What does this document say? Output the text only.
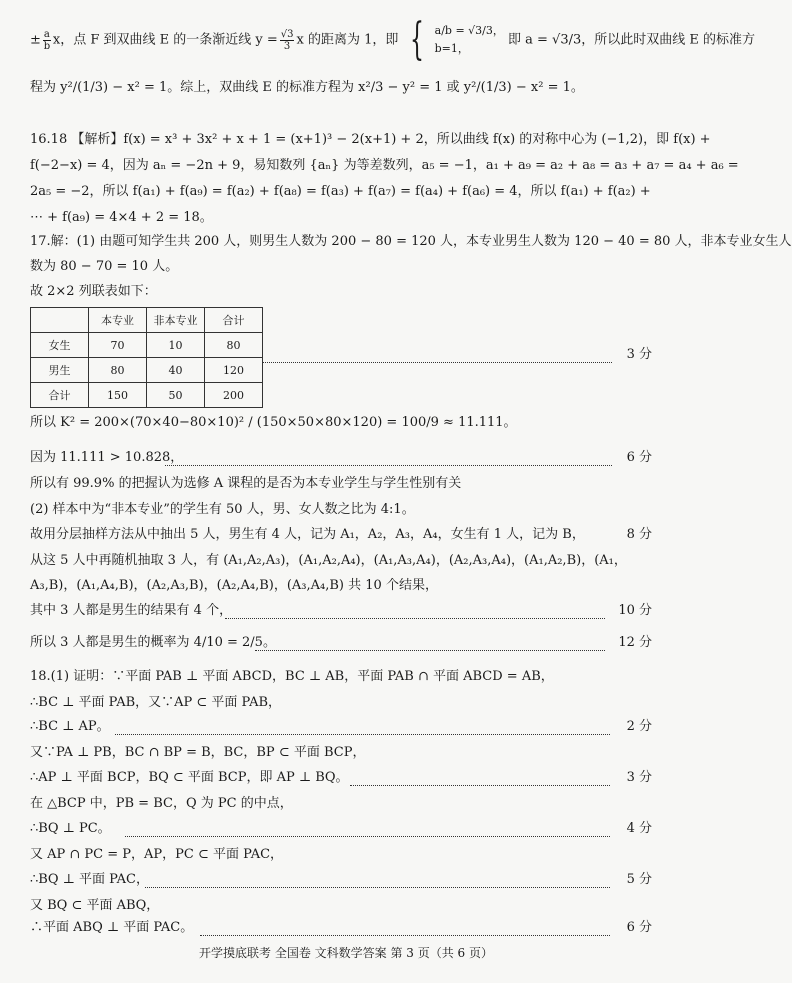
± $\frac{a}{b}$ x，点 F 到双曲线 E 的一条渐近线 $y = \frac{√3}{3}$ x 的距离为 1，即 { a/b = √3/3，
b=1，
即 a = √3/3，所以此时双曲线 E 的标准方
程为 y²/(1/3) − x² = 1。综上，双曲线 E 的标准方程为 x²/3 − y² = 1 或 y²/(1/3) − x² = 1。
16.18 【解析】f(x) = x³ + 3x² + x + 1 = (x+1)³ − 2(x+1) + 2，所以曲线 f(x) 的对称中心为 (−1,2)，即 f(x) +
f(−2−x) = 4，因为 aₙ = −2n + 9，易知数列 {aₙ} 为等差数列，a₅ = −1，a₁ + a₉ = a₂ + a₈ = a₃ + a₇ = a₄ + a₆ =
2a₅ = −2，所以 f(a₁) + f(a₉) = f(a₂) + f(a₈) = f(a₃) + f(a₇) = f(a₄) + f(a₆) = 4，所以 f(a₁) + f(a₂) +
⋯ + f(a₉) = 4×4 + 2 = 18。
17.解：(1) 由题可知学生共 200 人，则男生人数为 200 − 80 = 120 人，本专业男生人数为 120 − 40 = 80 人，非本专业女生人
数为 80 − 70 = 10 人。
故 2×2 列联表如下：
	本专业	非本专业	合计
女生	70	10	80
男生	80	40	120
合计	150	50	200
3 分
所以 K² = 200×(70×40−80×10)² / (150×50×80×120) = 100/9 ≈ 11.111。
因为 11.111 > 10.828，	6 分
所以有 99.9% 的把握认为选修 A 课程的是否为本专业学生与学生性别有关
(2) 样本中为“非本专业”的学生有 50 人，男、女人数之比为 4:1。
故用分层抽样方法从中抽出 5 人，男生有 4 人，记为 A₁，A₂，A₃，A₄，女生有 1 人，记为 B，	8 分
从这 5 人中再随机抽取 3 人，有 (A₁,A₂,A₃)，(A₁,A₂,A₄)，(A₁,A₃,A₄)，(A₂,A₃,A₄)，(A₁,A₂,B)，(A₁，
A₃,B)，(A₁,A₄,B)，(A₂,A₃,B)，(A₂,A₄,B)，(A₃,A₄,B) 共 10 个结果，
其中 3 人都是男生的结果有 4 个，	10 分
所以 3 人都是男生的概率为 4/10 = 2/5。	12 分
18.(1) 证明：∵平面 PAB ⊥ 平面 ABCD，BC ⊥ AB，平面 PAB ∩ 平面 ABCD = AB，
∴BC ⊥ 平面 PAB，又∵AP ⊂ 平面 PAB，
∴BC ⊥ AP。	2 分
又∵PA ⊥ PB，BC ∩ BP = B，BC，BP ⊂ 平面 BCP，
∴AP ⊥ 平面 BCP，BQ ⊂ 平面 BCP，即 AP ⊥ BQ。	3 分
在 △BCP 中，PB = BC，Q 为 PC 的中点，
∴BQ ⊥ PC。	4 分
又 AP ∩ PC = P，AP，PC ⊂ 平面 PAC，
∴BQ ⊥ 平面 PAC，	5 分
又 BQ ⊂ 平面 ABQ，
∴平面 ABQ ⊥ 平面 PAC。	6 分
开学摸底联考 全国卷 文科数学答案 第 3 页（共 6 页）
